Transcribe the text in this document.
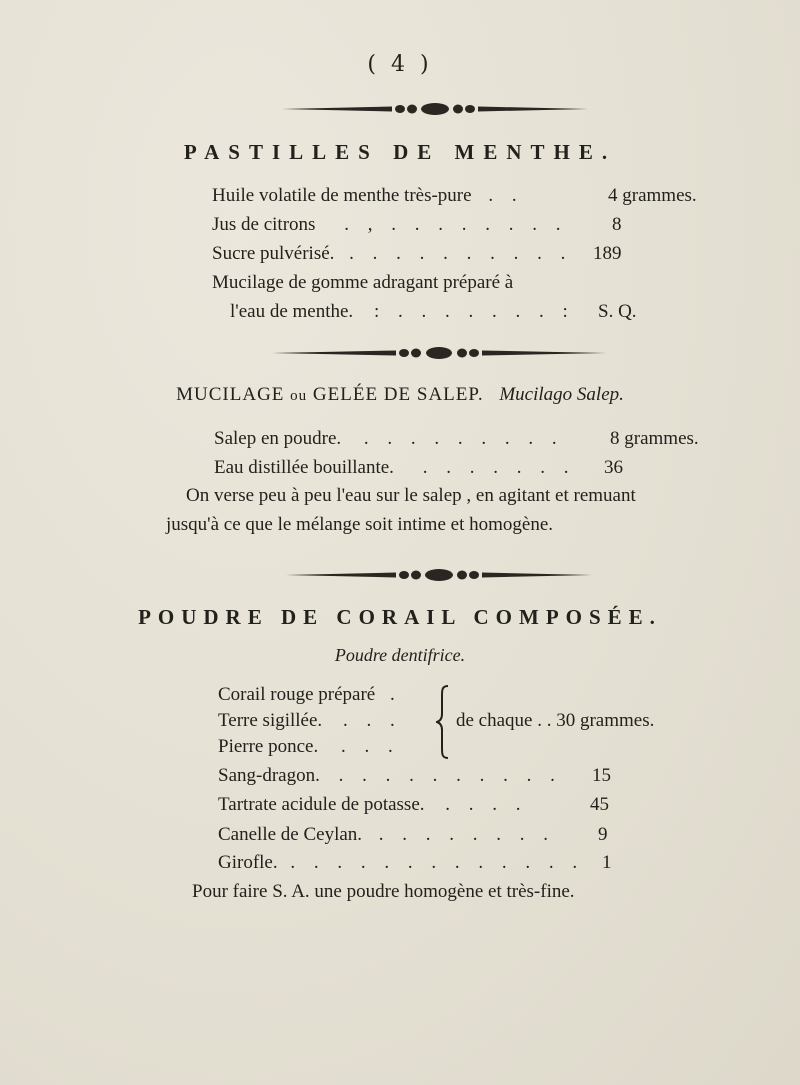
( 4 )
PASTILLES DE MENTHE.
Huile volatile de menthe très-pure . .	4 grammes.
Jus de citrons . , . . . . . . . . 8
Sucre pulvérisé. . . . . . . . . . . 189
Mucilage de gomme adragant préparé à
l'eau de menthe. : . . . . . . . : S. Q.
MUCILAGE ou GELÉE DE SALEP. Mucilago Salep.
Salep en poudre. . . . . . . . . . 8 grammes.
Eau distillée bouillante. . . . . . . . 36
On verse peu à peu l'eau sur le salep , en agitant et remuant
jusqu'à ce que le mélange soit intime et homogène.
POUDRE DE CORAIL COMPOSÉE.
Poudre dentifrice.
Corail rouge préparé .
Terre sigillée. . . .
Pierre ponce. . . .
de chaque . . 30 grammes.
Sang-dragon. . . . . . . . . . . 15
Tartrate acidule de potasse. . . . .	45
Canelle de Ceylan. . . . . . . . . 9
Girofle. . . . . . . . . . . . . . 1
Pour faire S. A. une poudre homogène et très-fine.
